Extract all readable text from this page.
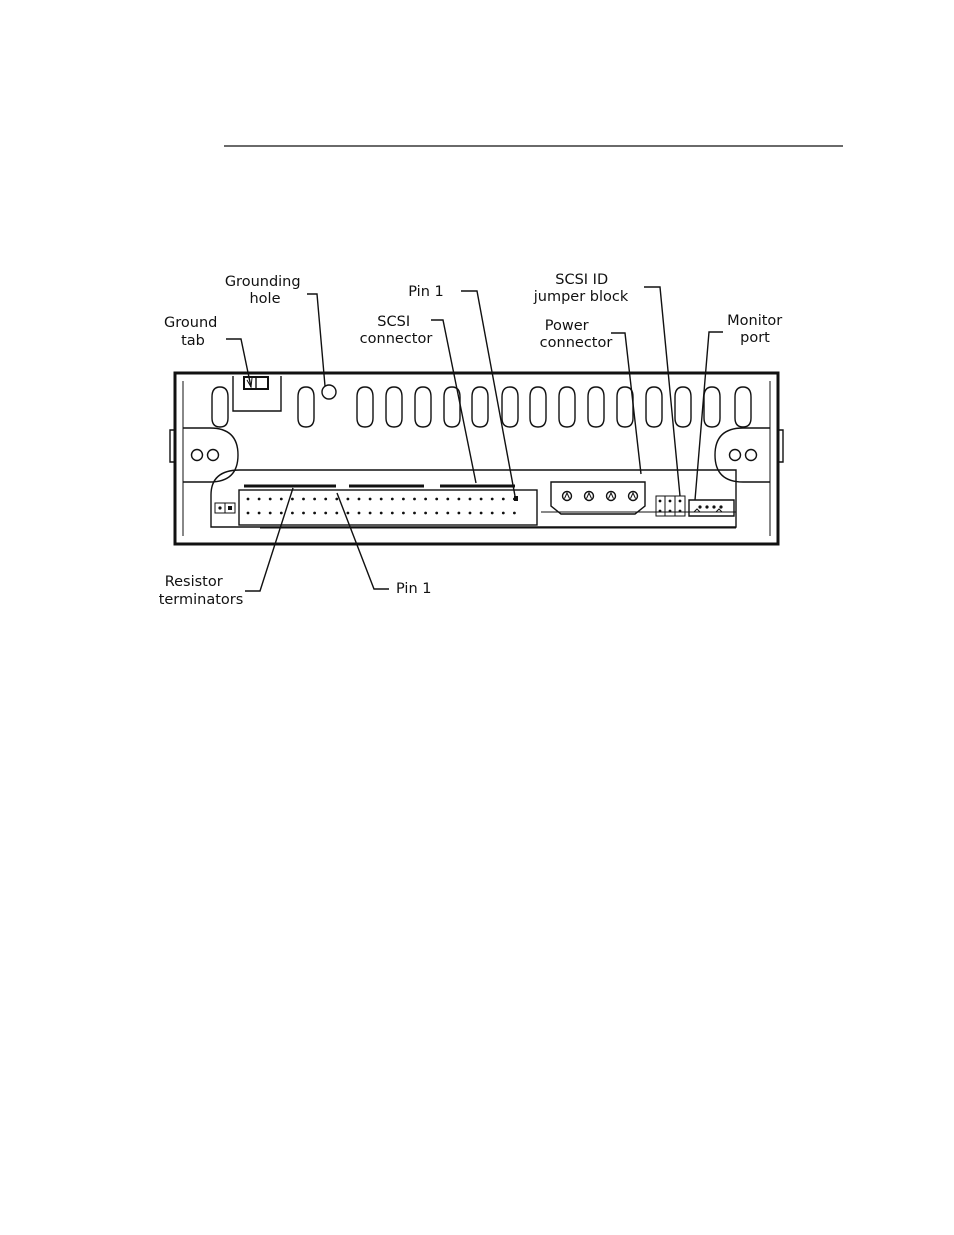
Grounding hole
Ground tab
Pin 1
SCSI connector
SCSI ID jumper block
Power connector
Monitor port
Resistor terminators
Pin 1
